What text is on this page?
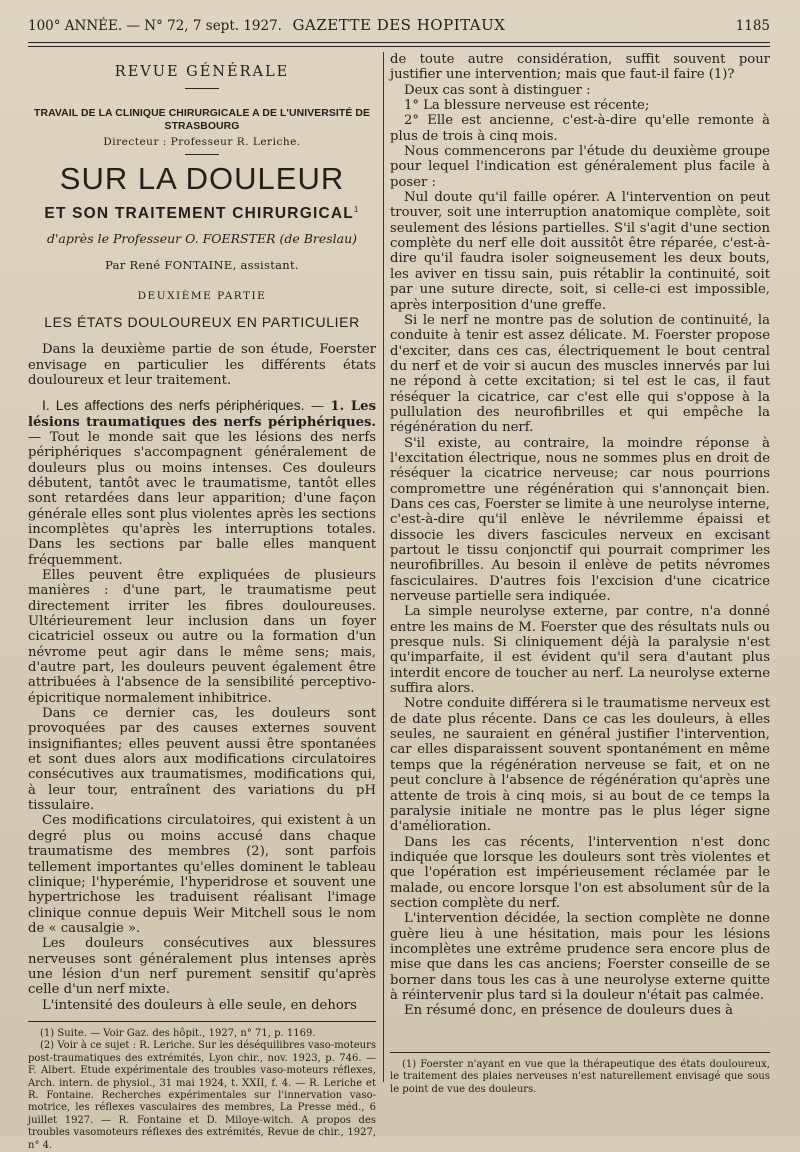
100° ANNÉE. — N° 72, 7 sept. 1927. GAZETTE DES HOPITAUX	1185
REVUE GÉNÉRALE
TRAVAIL DE LA CLINIQUE CHIRURGICALE A DE L'UNIVERSITÉ DE STRASBOURG
Directeur : Professeur R. Leriche.
SUR LA DOULEUR
ET SON TRAITEMENT CHIRURGICAL$^1$
d'après le Professeur O. FOERSTER (de Breslau)
Par René FONTAINE, assistant.
DEUXIÈME PARTIE
LES ÉTATS DOULOUREUX EN PARTICULIER

Dans la deuxième partie de son étude, Foerster envisage en particulier les différents états douloureux et leur traitement.

I. Les affections des nerfs périphériques. — 1. Les lésions traumatiques des nerfs périphériques. — Tout le monde sait que les lésions des nerfs périphériques s'accompagnent généralement de douleurs plus ou moins intenses. Ces douleurs débutent, tantôt avec le traumatisme, tantôt elles sont retardées dans leur apparition; d'une façon générale elles sont plus violentes après les sections incomplètes qu'après les interruptions totales. Dans les sections par balle elles manquent fréquemment.

Elles peuvent être expliquées de plusieurs manières : d'une part, le traumatisme peut directement irriter les fibres douloureuses. Ultérieurement leur inclusion dans un foyer cicatriciel osseux ou autre ou la formation d'un névrome peut agir dans le même sens; mais, d'autre part, les douleurs peuvent également être attribuées à l'absence de la sensibilité perceptivo-épicritique normalement inhibitrice.

Dans ce dernier cas, les douleurs sont provoquées par des causes externes souvent insignifiantes; elles peuvent aussi être spontanées et sont dues alors aux modifications circulatoires consécutives aux traumatismes, modifications qui, à leur tour, entraînent des variations du pH tissulaire.

Ces modifications circulatoires, qui existent à un degré plus ou moins accusé dans chaque traumatisme des membres (2), sont parfois tellement importantes qu'elles dominent le tableau clinique; l'hyperémie, l'hyperidrose et souvent une hypertrichose les traduisent réalisant l'image clinique connue depuis Weir Mitchell sous le nom de « causalgie ».

Les douleurs consécutives aux blessures nerveuses sont généralement plus intenses après une lésion d'un nerf purement sensitif qu'après celle d'un nerf mixte.

L'intensité des douleurs à elle seule, en dehors

(1) Suite. — Voir Gaz. des hôpit., 1927, n° 71, p. 1169.

(2) Voir à ce sujet : R. Leriche. Sur les déséquilibres vaso-moteurs post-traumatiques des extrémités, Lyon chir., nov. 1923, p. 746. — F. Albert. Etude expérimentale des troubles vaso-moteurs réflexes, Arch. intern. de physiol., 31 mai 1924, t. XXII, f. 4. — R. Leriche et R. Fontaine. Recherches expérimentales sur l'innervation vaso-motrice, les réflexes vasculaires des membres, La Presse méd., 6 juillet 1927. — R. Fontaine et D. Miloye-witch. A propos des troubles vasomoteurs réflexes des extrémités, Revue de chir., 1927, n° 4.

de toute autre considération, suffit souvent pour justifier une intervention; mais que faut-il faire (1)?

Deux cas sont à distinguer :

1° La blessure nerveuse est récente;

2° Elle est ancienne, c'est-à-dire qu'elle remonte à plus de trois à cinq mois.

Nous commencerons par l'étude du deuxième groupe pour lequel l'indication est généralement plus facile à poser :

Nul doute qu'il faille opérer. A l'intervention on peut trouver, soit une interruption anatomique complète, soit seulement des lésions partielles. S'il s'agit d'une section complète du nerf elle doit aussitôt être réparée, c'est-à-dire qu'il faudra isoler soigneusement les deux bouts, les aviver en tissu sain, puis rétablir la continuité, soit par une suture directe, soit, si celle-ci est impossible, après interposition d'une greffe.

Si le nerf ne montre pas de solution de continuité, la conduite à tenir est assez délicate. M. Foerster propose d'exciter, dans ces cas, électriquement le bout central du nerf et de voir si aucun des muscles innervés par lui ne répond à cette excitation; si tel est le cas, il faut réséquer la cicatrice, car c'est elle qui s'oppose à la pullulation des neurofibrilles et qui empêche la régénération du nerf.

S'il existe, au contraire, la moindre réponse à l'excitation électrique, nous ne sommes plus en droit de réséquer la cicatrice nerveuse; car nous pourrions compromettre une régénération qui s'annonçait bien. Dans ces cas, Foerster se limite à une neurolyse interne, c'est-à-dire qu'il enlève le névrilemme épaissi et dissocie les divers fascicules nerveux en excisant partout le tissu conjonctif qui pourrait comprimer les neurofibrilles. Au besoin il enlève de petits névromes fasciculaires. D'autres fois l'excision d'une cicatrice nerveuse partielle sera indiquée.

La simple neurolyse externe, par contre, n'a donné entre les mains de M. Foerster que des résultats nuls ou presque nuls. Si cliniquement déjà la paralysie n'est qu'imparfaite, il est évident qu'il sera d'autant plus interdit encore de toucher au nerf. La neurolyse externe suffira alors.

Notre conduite différera si le traumatisme nerveux est de date plus récente. Dans ce cas les douleurs, à elles seules, ne sauraient en général justifier l'intervention, car elles disparaissent souvent spontanément en même temps que la régénération nerveuse se fait, et on ne peut conclure à l'absence de régénération qu'après une attente de trois à cinq mois, si au bout de ce temps la paralysie initiale ne montre pas le plus léger signe d'amélioration.

Dans les cas récents, l'intervention n'est donc indiquée que lorsque les douleurs sont très violentes et que l'opération est impérieusement réclamée par le malade, ou encore lorsque l'on est absolument sûr de la section complète du nerf.

L'intervention décidée, la section complète ne donne guère lieu à une hésitation, mais pour les lésions incomplètes une extrême prudence sera encore plus de mise que dans les cas anciens; Foerster conseille de se borner dans tous les cas à une neurolyse externe quitte à réintervenir plus tard si la douleur n'était pas calmée.

En résumé donc, en présence de douleurs dues à

(1) Foerster n'ayant en vue que la thérapeutique des états douloureux, le traitement des plaies nerveuses n'est naturellement envisagé que sous le point de vue des douleurs.
